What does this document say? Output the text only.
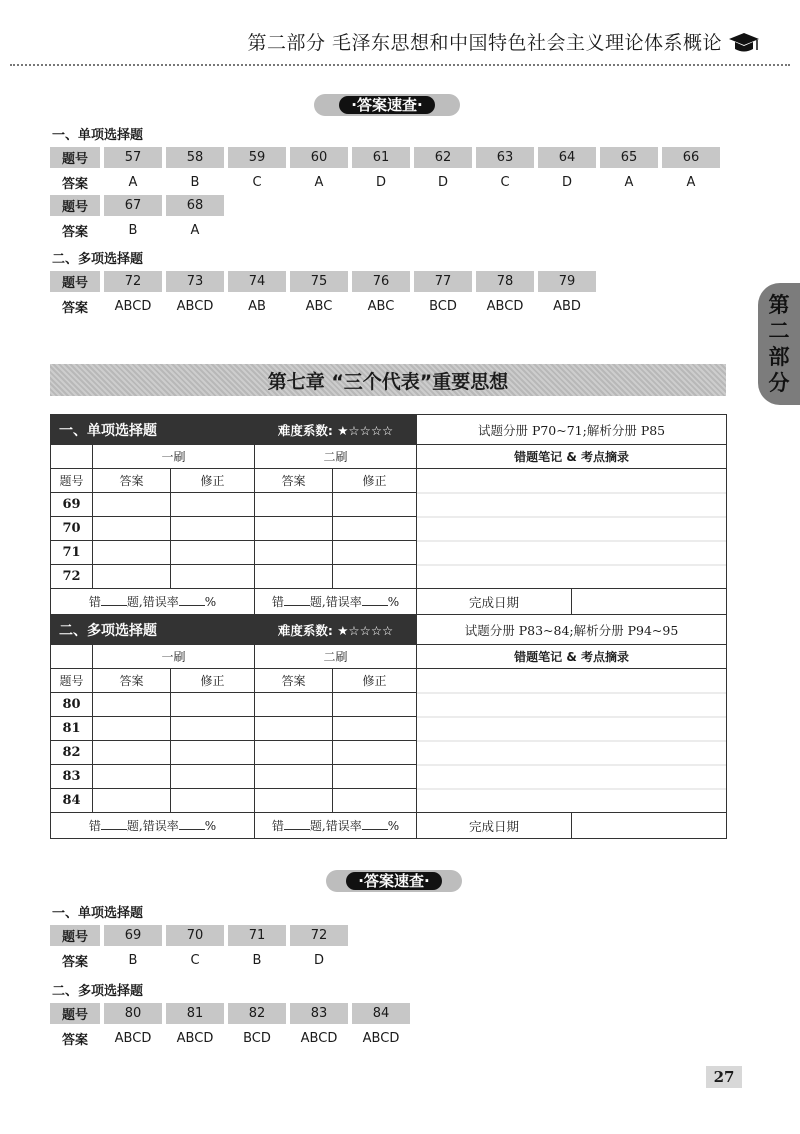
第二部分 毛泽东思想和中国特色社会主义理论体系概论
第
二
部
分
·答案速查·
一、单项选择题
题号	57	58	59	60	61	62	63	64	65	66
答案	A	B	C	A	D	D	C	D	A	A
题号	67	68
答案	B	A
二、多项选择题
题号	72	73	74	75	76	77	78	79
答案	ABCD	ABCD	AB	ABC	ABC	BCD	ABCD	ABD
第七章 “三个代表”重要思想
一、单项选择题			难度系数: ★☆☆☆☆		试题分册 P70~71;解析分册 P85	
	一刷		二刷		错题笔记 & 考点摘录	
题号	答案	修正	答案	修正		
69						
70						
71						
72						
错 题,错误率 %			错 题,错误率 %		完成日期	
二、多项选择题			难度系数: ★☆☆☆☆		试题分册 P83~84;解析分册 P94~95	
	一刷		二刷		错题笔记 & 考点摘录	
题号	答案	修正	答案	修正		
80						
81						
82						
83						
84						
错 题,错误率 %			错 题,错误率 %		完成日期	
·答案速查·
一、单项选择题
题号	69	70	71	72
答案	B	C	B	D
二、多项选择题
题号	80	81	82	83	84
答案	ABCD	ABCD	BCD	ABCD	ABCD
27
